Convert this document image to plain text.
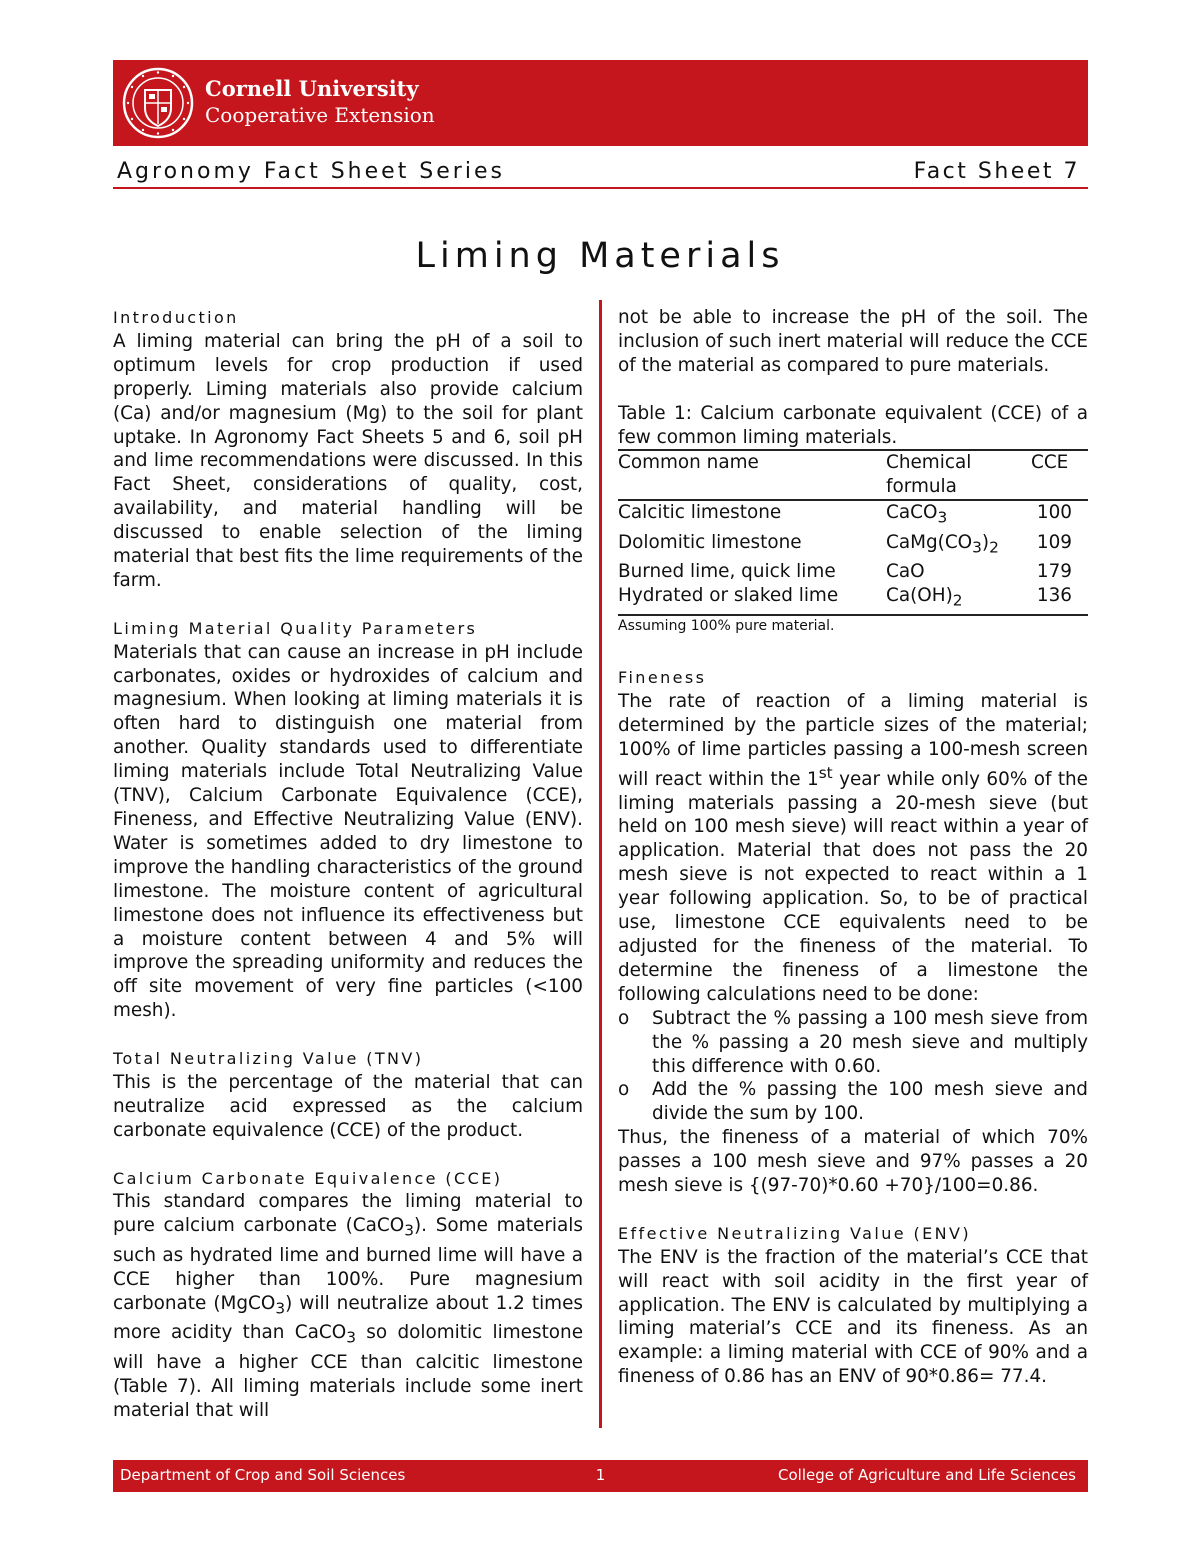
Cornell University
Cooperative Extension
Agronomy Fact Sheet Series	Fact Sheet 7
Liming Materials
Introduction

A liming material can bring the pH of a soil to optimum levels for crop production if used properly. Liming materials also provide calcium (Ca) and/or magnesium (Mg) to the soil for plant uptake. In Agronomy Fact Sheets 5 and 6, soil pH and lime recommendations were discussed. In this Fact Sheet, considerations of quality, cost, availability, and material handling will be discussed to enable selection of the liming material that best fits the lime requirements of the farm.

Liming Material Quality Parameters

Materials that can cause an increase in pH include carbonates, oxides or hydroxides of calcium and magnesium. When looking at liming materials it is often hard to distinguish one material from another. Quality standards used to differentiate liming materials include Total Neutralizing Value (TNV), Calcium Carbonate Equivalence (CCE), Fineness, and Effective Neutralizing Value (ENV). Water is sometimes added to dry limestone to improve the handling characteristics of the ground limestone. The moisture content of agricultural limestone does not influence its effectiveness but a moisture content between 4 and 5% will improve the spreading uniformity and reduces the off site movement of very fine particles (<100 mesh).

Total Neutralizing Value (TNV)

This is the percentage of the material that can neutralize acid expressed as the calcium carbonate equivalence (CCE) of the product.

Calcium Carbonate Equivalence (CCE)

This standard compares the liming material to pure calcium carbonate (CaCO$_3$). Some materials such as hydrated lime and burned lime will have a CCE higher than 100%. Pure magnesium carbonate (MgCO$_3$) will neutralize about 1.2 times more acidity than CaCO$_3$ so dolomitic limestone will have a higher CCE than calcitic limestone (Table 7). All liming materials include some inert material that will

not be able to increase the pH of the soil. The inclusion of such inert material will reduce the CCE of the material as compared to pure materials.

Table 1: Calcium carbonate equivalent (CCE) of a few common liming materials.
Common name	Chemical formula	CCE
Calcitic limestone	CaCO$_3$	100
Dolomitic limestone	$CaMg(CO_3)_2$	109
Burned lime, quick lime	CaO	179
Hydrated or slaked lime	$Ca(OH)_2$	136
Assuming 100% pure material.
Fineness

The rate of reaction of a liming material is determined by the particle sizes of the material; 100% of lime particles passing a 100-mesh screen will react within the 1st year while only 60% of the liming materials passing a 20-mesh sieve (but held on 100 mesh sieve) will react within a year of application. Material that does not pass the 20 mesh sieve is not expected to react within a 1 year following application. So, to be of practical use, limestone CCE equivalents need to be adjusted for the fineness of the material. To determine the fineness of a limestone the following calculations need to be done:

o Subtract the % passing a 100 mesh sieve from the % passing a 20 mesh sieve and multiply this difference with 0.60.
o Add the % passing the 100 mesh sieve and divide the sum by 100.

Thus, the fineness of a material of which 70% passes a 100 mesh sieve and 97% passes a 20 mesh sieve is {(97-70)*0.60 +70}/100=0.86.

Effective Neutralizing Value (ENV)

The ENV is the fraction of the material’s CCE that will react with soil acidity in the first year of application. The ENV is calculated by multiplying a liming material’s CCE and its fineness. As an example: a liming material with CCE of 90% and a fineness of 0.86 has an ENV of 90*0.86= 77.4.

1
Department of Crop and Soil Sciences	College of Agriculture and Life Sciences
